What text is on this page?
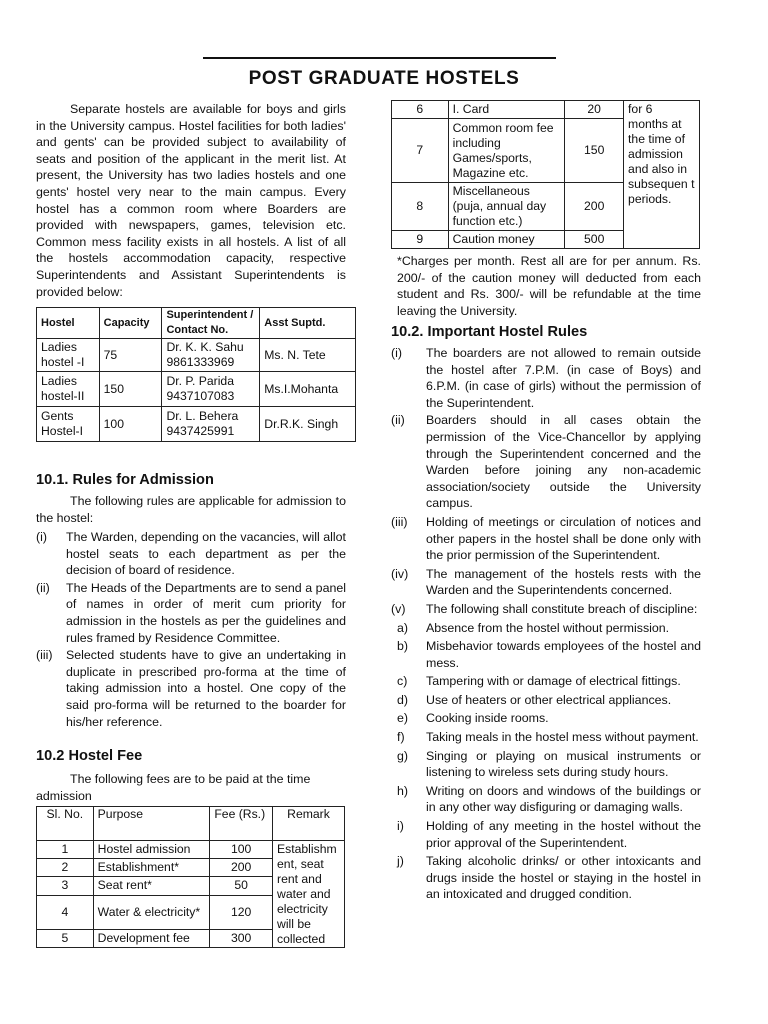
POST GRADUATE HOSTELS

Separate hostels are available for boys and girls in the University campus. Hostel facilities for both ladies' and gents' can be provided subject to availability of seats and position of the applicant in the merit list. At present, the University has two ladies hostels and one gents' hostel very near to the main campus. Every hostel has a common room where Boarders are provided with newspapers, games, television etc. Common mess facility exists in all hostels. A list of all the hostels accommodation capacity, respective Superintendents and Assistant Superintendents is provided below:

Hostel	Capacity	Superintendent / Contact No.	Asst Suptd.
Ladies hostel -I	75	Dr. K. K. Sahu 9861333969	Ms. N. Tete
Ladies hostel-II	150	Dr. P. Parida 9437107083	Ms.I.Mohanta
Gents Hostel-I	100	Dr. L. Behera 9437425991	Dr.R.K. Singh
10.1. Rules for Admission

The following rules are applicable for admission to the hostel:

(i)	The Warden, depending on the vacancies, will allot hostel seats to each department as per the decision of board of residence.
(ii)	The Heads of the Departments are to send a panel of names in order of merit cum priority for admission in the hostels as per the guidelines and rules framed by Residence Committee.
(iii)	Selected students have to give an undertaking in duplicate in prescribed pro-forma at the time of taking admission into a hostel. One copy of the said pro-forma will be returned to the boarder for his/her reference.
10.2 Hostel Fee

The following fees are to be paid at the time admission

Sl. No.	Purpose	Fee (Rs.)	Remark
1	Hostel admission	100	Establishm ent, seat rent and water and electricity will be collected
2	Establishment*	200	
3	Seat rent*	50	
4	Water & electricity*	120	
5	Development fee	300	
6	I. Card	20	for 6 months at the time of admission and also in subsequen t periods.
7	Common room fee including Games/sports, Magazine etc.	150	
8	Miscellaneous (puja, annual day function etc.)	200	
9	Caution money	500	

*Charges per month. Rest all are for per annum. Rs. 200/- of the caution money will deducted from each student and Rs. 300/- will be refundable at the time leaving the University.

10.2. Important Hostel Rules
(i)	The boarders are not allowed to remain outside the hostel after 7.P.M. (in case of Boys) and 6.P.M. (in case of girls) without the permission of the Superintendent.
(ii)	Boarders should in all cases obtain the permission of the Vice-Chancellor by applying through the Superintendent concerned and the Warden before joining any non-academic association/society outside the University campus.
(iii)	Holding of meetings or circulation of notices and other papers in the hostel shall be done only with the prior permission of the Superintendent.
(iv)	The management of the hostels rests with the Warden and the Superintendents concerned.
(v)	The following shall constitute breach of discipline:
a)	Absence from the hostel without permission.
b)	Misbehavior towards employees of the hostel and mess.
c)	Tampering with or damage of electrical fittings.
d)	Use of heaters or other electrical appliances.
e)	Cooking inside rooms.
f)	Taking meals in the hostel mess without payment.
g)	Singing or playing on musical instruments or listening to wireless sets during study hours.
h)	Writing on doors and windows of the buildings or in any other way disfiguring or damaging walls.
i)	Holding of any meeting in the hostel without the prior approval of the Superintendent.
j)	Taking alcoholic drinks/ or other intoxicants and drugs inside the hostel or staying in the hostel in an intoxicated and drugged condition.
